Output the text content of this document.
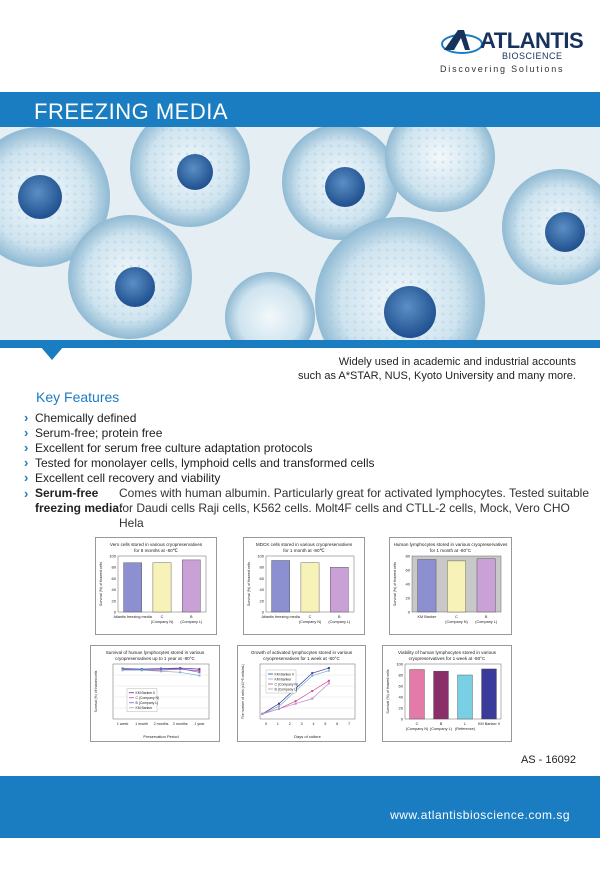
ATLANTIS
BIOSCIENCE
Discovering Solutions
FREEZING MEDIA
Widely used in academic and industrial accounts
such as A*STAR, NUS, Kyoto University and many more.
Key Features
› Chemically defined
› Serum-free; protein free
› Excellent for serum free culture adaptation protocols
› Tested for monolayer cells, lymphoid cells and transformed cells
› Excellent cell recovery and viability
› Serum-free
freezing media:
Comes with human albumin. Particularly great for activated lymphocytes. Tested suitable for Daudi cells Raji cells, K562 cells. Molt4F cells and CTLL-2 cells, Mock, Vero CHO Hela
Vero cells stored in various cryopreservatives
for 8 months at -80℃
0
20
40
60
80
100
Survival (%) of thawed cells
Atlantis freezing media C
(Company N)
B
(Company L)
MDCK cells stored in various cryopreservatives
for 1 month at -80℃
0
20
40
60
80
100
Survival (%) of thawed cells
Atlantis freezing media C
(Company N)
B
(Company L)
Human lymphocytes stored in various cryopreservatives
for 1 month at -80°C
0
20
40
60
80
Survival (%) of thawed cells
KM Banker	C
(Company N)
B
(Company L)
Survival of human lymphocytes stored in various
cryopreservatives up to 1 year at -80°C
Survival (%) of thawed cells
Preservation Period
1 week 1 month 2 months 3 months 1 year
KM Banker II
C (Company N)
B (Company L)
KM Banker
Growth of activated lymphocytes stored in various
cryopreservatives for 1 week at -80°C
The number of cells (x10^5 cells/mL)
Days of culture
0	1	2	3	4	5	6	7
KM Banker II
KM Banker
C (Company N)
B (Company L)
Viability of human lymphocytes stored in various
cryopreservatives for 1 week at -80°C
0
20
40
60
80
100
Survival (%) of thawed cells
C
(Company N)
B
(Company L)
L
(Reference)
KM Banker II
AS - 16092
www.atlantisbioscience.com.sg
